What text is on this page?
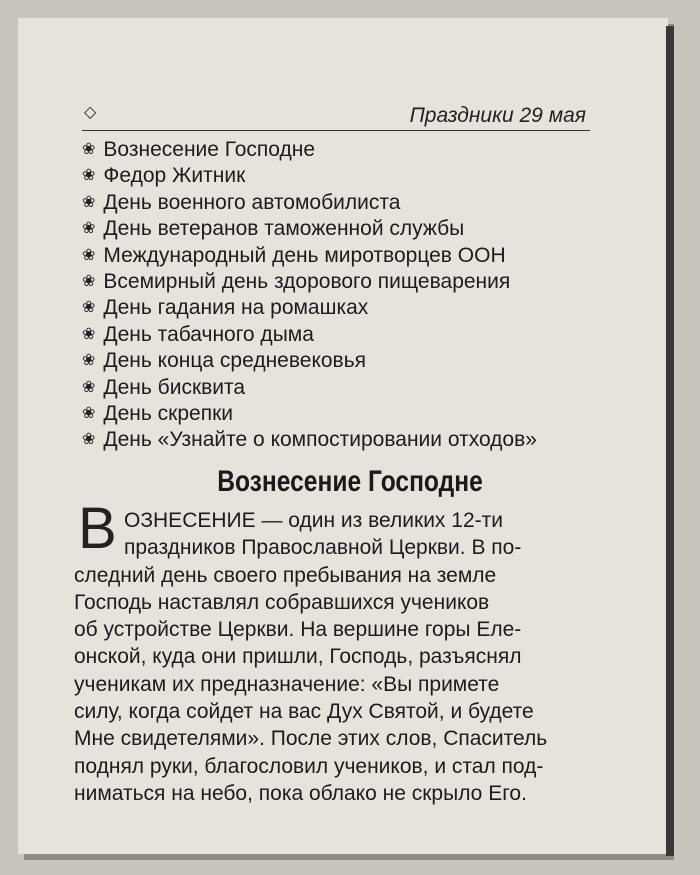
◇	Праздники 29 мая
❀ Вознесение Господне
❀ Федор Житник
❀ День военного автомобилиста
❀ День ветеранов таможенной службы
❀ Международный день миротворцев ООН
❀ Всемирный день здорового пищеварения
❀ День гадания на ромашках
❀ День табачного дыма
❀ День конца средневековья
❀ День бисквита
❀ День скрепки
❀ День «Узнайте о компостировании отходов»
Вознесение Господне
В ОЗНЕСЕНИЕ — один из великих 12-ти
праздников Православной Церкви. В по-
следний день своего пребывания на земле
Господь наставлял собравшихся учеников
об устройстве Церкви. На вершине горы Еле-
онской, куда они пришли, Господь, разъяснял
ученикам их предназначение: «Вы примете
силу, когда сойдет на вас Дух Святой, и будете
Мне свидетелями». После этих слов, Спаситель
поднял руки, благословил учеников, и стал под-
ниматься на небо, пока облако не скрыло Его.
